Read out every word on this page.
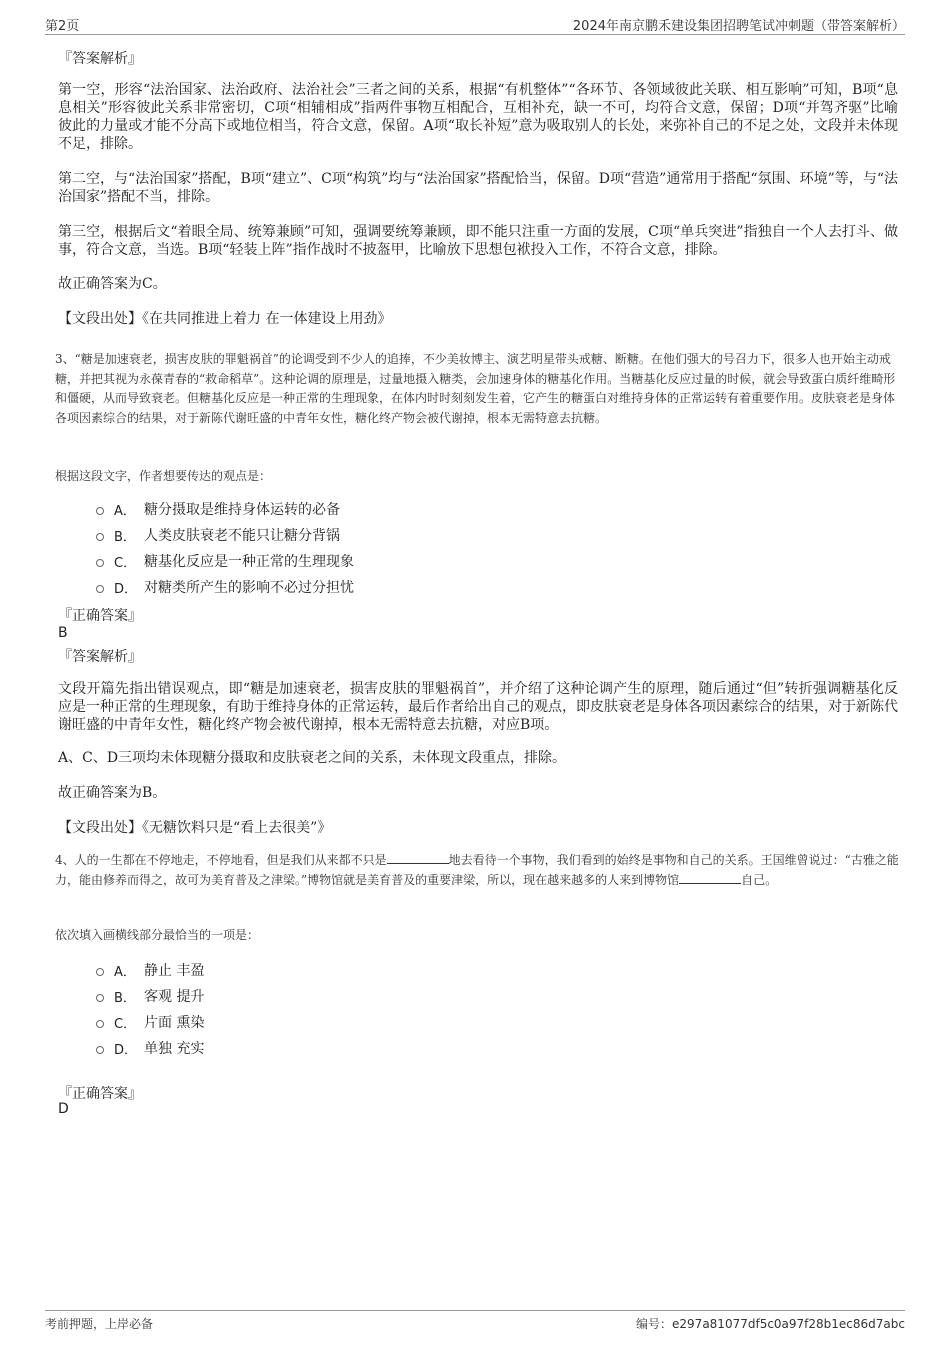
第2页	2024年南京鹏禾建设集团招聘笔试冲刺题（带答案解析）
『答案解析』

第一空，形容“法治国家、法治政府、法治社会”三者之间的关系，根据“有机整体”“各环节、各领域彼此关联、相互影响”可知，B项“息息相关”形容彼此关系非常密切，C项“相辅相成”指两件事物互相配合，互相补充，缺一不可，均符合文意，保留；D项“并驾齐驱”比喻彼此的力量或才能不分高下或地位相当，符合文意，保留。A项“取长补短”意为吸取别人的长处，来弥补自己的不足之处，文段并未体现不足，排除。

第二空，与“法治国家”搭配，B项“建立”、C项“构筑”均与“法治国家”搭配恰当，保留。D项“营造”通常用于搭配“氛围、环境”等，与“法治国家”搭配不当，排除。

第三空，根据后文“着眼全局、统筹兼顾”可知，强调要统筹兼顾，即不能只注重一方面的发展，C项“单兵突进”指独自一个人去打斗、做事，符合文意，当选。B项“轻装上阵”指作战时不披盔甲，比喻放下思想包袱投入工作，不符合文意，排除。

故正确答案为C。
【文段出处】《在共同推进上着力 在一体建设上用劲》

3、“糖是加速衰老，损害皮肤的罪魁祸首”的论调受到不少人的追捧，不少美妆博主、演艺明星带头戒糖、断糖。在他们强大的号召力下，很多人也开始主动戒糖，并把其视为永葆青春的“救命稻草”。这种论调的原理是，过量地摄入糖类，会加速身体的糖基化作用。当糖基化反应过量的时候，就会导致蛋白质纤维畸形和僵硬，从而导致衰老。但糖基化反应是一种正常的生理现象，在体内时时刻刻发生着，它产生的糖蛋白对维持身体的正常运转有着重要作用。皮肤衰老是身体各项因素综合的结果，对于新陈代谢旺盛的中青年女性，糖化终产物会被代谢掉，根本无需特意去抗糖。

根据这段文字，作者想要传达的观点是：
A． 糖分摄取是维持身体运转的必备
B． 人类皮肤衰老不能只让糖分背锅
C． 糖基化反应是一种正常的生理现象
D． 对糖类所产生的影响不必过分担忧
『正确答案』
B
『答案解析』

文段开篇先指出错误观点，即“糖是加速衰老，损害皮肤的罪魁祸首”，并介绍了这种论调产生的原理，随后通过“但”转折强调糖基化反应是一种正常的生理现象，有助于维持身体的正常运转，最后作者给出自己的观点，即皮肤衰老是身体各项因素综合的结果，对于新陈代谢旺盛的中青年女性，糖化终产物会被代谢掉，根本无需特意去抗糖，对应B项。

A、C、D三项均未体现糖分摄取和皮肤衰老之间的关系，未体现文段重点，排除。

故正确答案为B。
【文段出处】《无糖饮料只是“看上去很美”》

4、人的一生都在不停地走，不停地看，但是我们从来都不只是	地去看待一个事物，我们看到的始终是事物和自己的关系。王国维曾说过：“古雅之能力，能由修养而得之，故可为美育普及之津梁。”博物馆就是美育普及的重要津梁，所以，现在越来越多的人来到博物馆	自己。

依次填入画横线部分最恰当的一项是：
A． 静止 丰盈
B． 客观 提升
C． 片面 熏染
D． 单独 充实
『正确答案』
D
考前押题，上岸必备	编号：e297a81077df5c0a97f28b1ec86d7abc
